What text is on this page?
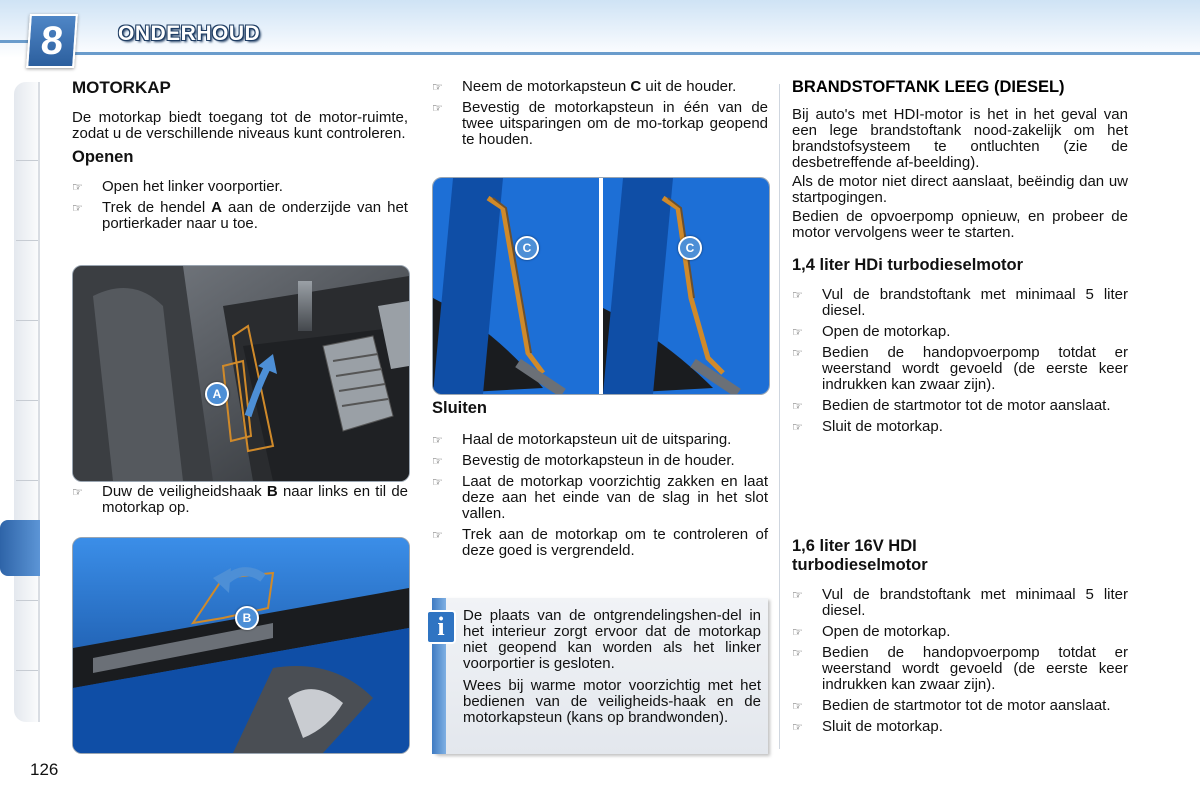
8	ONDERHOUD
MOTORKAP

De motorkap biedt toegang tot de motor-ruimte, zodat u de verschillende niveaus kunt controleren.

Openen
☞ Open het linker voorportier.
☞ Trek de hendel A aan de onderzijde van het portierkader naar u toe.
A
☞ Duw de veiligheidshaak B naar links en til de motorkap op.
B
☞ Neem de motorkapsteun C uit de houder.
☞ Bevestig de motorkapsteun in één van de twee uitsparingen om de mo-torkap geopend te houden.
C	C
Sluiten
☞ Haal de motorkapsteun uit de uitsparing.
☞ Bevestig de motorkapsteun in de houder.
☞ Laat de motorkap voorzichtig zakken en laat deze aan het einde van de slag in het slot vallen.
☞ Trek aan de motorkap om te controleren of deze goed is vergrendeld.
i	De plaats van de ontgrendelingshen-del in het interieur zorgt ervoor dat de motorkap niet geopend kan worden als het linker voorportier is gesloten.

Wees bij warme motor voorzichtig met het bedienen van de veiligheids-haak en de motorkapsteun (kans op brandwonden).

BRANDSTOFTANK LEEG (DIESEL)

Bij auto's met HDI-motor is het in het geval van een lege brandstoftank nood-zakelijk om het brandstofsysteem te ontluchten (zie de desbetreffende af-beelding).

Als de motor niet direct aanslaat, beëindig dan uw startpogingen.

Bedien de opvoerpomp opnieuw, en probeer de motor vervolgens weer te starten.

1,4 liter HDi turbodieselmotor
☞ Vul de brandstoftank met minimaal 5 liter diesel.
☞ Open de motorkap.
☞ Bedien de handopvoerpomp totdat er weerstand wordt gevoeld (de eerste keer indrukken kan zwaar zijn).
☞ Bedien de startmotor tot de motor aanslaat.
☞ Sluit de motorkap.
1,6 liter 16V HDI
turbodieselmotor
☞ Vul de brandstoftank met minimaal 5 liter diesel.
☞ Open de motorkap.
☞ Bedien de handopvoerpomp totdat er weerstand wordt gevoeld (de eerste keer indrukken kan zwaar zijn).
☞ Bedien de startmotor tot de motor aanslaat.
☞ Sluit de motorkap.
126
